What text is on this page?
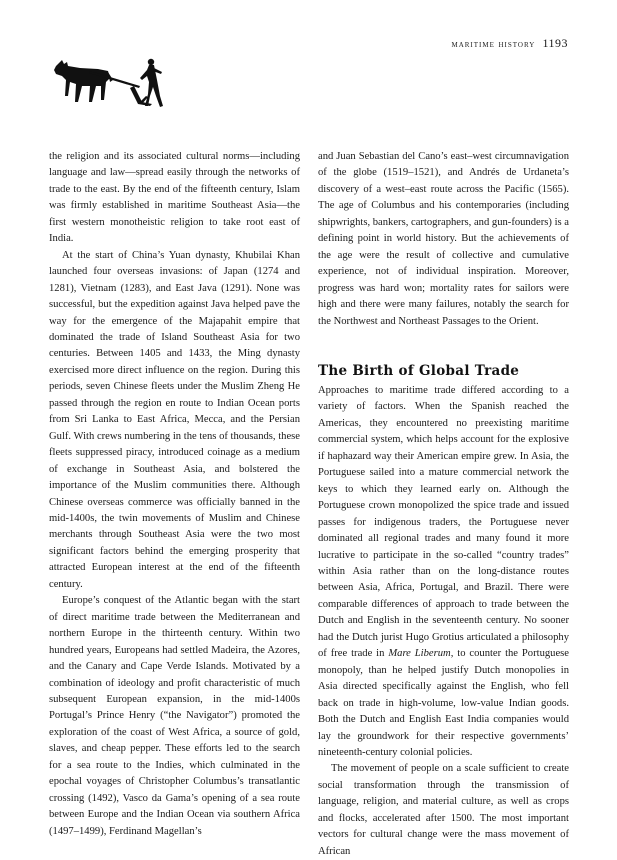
maritime history 1193

the religion and its associated cultural norms—including language and law—spread easily through the networks of trade to the east. By the end of the fifteenth century, Islam was firmly established in maritime Southeast Asia—the first western monotheistic religion to take root east of India.

At the start of China’s Yuan dynasty, Khubilai Khan launched four overseas invasions: of Japan (1274 and 1281), Vietnam (1283), and East Java (1291). None was successful, but the expedition against Java helped pave the way for the emergence of the Majapahit empire that dominated the trade of Island Southeast Asia for two centuries. Between 1405 and 1433, the Ming dynasty exercised more direct influence on the region. During this periods, seven Chinese fleets under the Muslim Zheng He passed through the region en route to Indian Ocean ports from Sri Lanka to East Africa, Mecca, and the Persian Gulf. With crews numbering in the tens of thousands, these fleets suppressed piracy, introduced coinage as a medium of exchange in Southeast Asia, and bolstered the importance of the Muslim communities there. Although Chinese overseas commerce was officially banned in the mid-1400s, the twin movements of Muslim and Chinese merchants through Southeast Asia were the two most significant factors behind the emerging prosperity that attracted European interest at the end of the fifteenth century.

Europe’s conquest of the Atlantic began with the start of direct maritime trade between the Mediterranean and northern Europe in the thirteenth century. Within two hundred years, Europeans had settled Madeira, the Azores, and the Canary and Cape Verde Islands. Motivated by a combination of ideology and profit characteristic of much subsequent European expansion, in the mid-1400s Portugal’s Prince Henry (“the Navigator”) promoted the exploration of the coast of West Africa, a source of gold, slaves, and cheap pepper. These efforts led to the search for a sea route to the Indies, which culminated in the epochal voyages of Christopher Columbus’s transatlantic crossing (1492), Vasco da Gama’s opening of a sea route between Europe and the Indian Ocean via southern Africa (1497–1499), Ferdinand Magellan’s

and Juan Sebastian del Cano’s east–west circumnavigation of the globe (1519–1521), and Andrés de Urdaneta’s discovery of a west–east route across the Pacific (1565). The age of Columbus and his contemporaries (including shipwrights, bankers, cartographers, and gun-founders) is a defining point in world history. But the achievements of the age were the result of collective and cumulative experience, not of individual inspiration. Moreover, progress was hard won; mortality rates for sailors were high and there were many failures, notably the search for the Northwest and Northeast Passages to the Orient.

The Birth of Global Trade

Approaches to maritime trade differed according to a variety of factors. When the Spanish reached the Americas, they encountered no preexisting maritime commercial system, which helps account for the explosive if haphazard way their American empire grew. In Asia, the Portuguese sailed into a mature commercial network the keys to which they learned early on. Although the Portuguese crown monopolized the spice trade and issued passes for indigenous traders, the Portuguese never dominated all regional trades and many found it more lucrative to participate in the so-called “country trades” within Asia rather than on the long-distance routes between Asia, Africa, Portugal, and Brazil. There were comparable differences of approach to trade between the Dutch and English in the seventeenth century. No sooner had the Dutch jurist Hugo Grotius articulated a philosophy of free trade in Mare Liberum, to counter the Portuguese monopoly, than he helped justify Dutch monopolies in Asia directed specifically against the English, who fell back on trade in high-volume, low-value Indian goods. Both the Dutch and English East India companies would lay the groundwork for their respective governments’ nineteenth-century colonial policies.

The movement of people on a scale sufficient to create social transformation through the transmission of language, religion, and material culture, as well as crops and flocks, accelerated after 1500. The most important vectors for cultural change were the mass movement of African
